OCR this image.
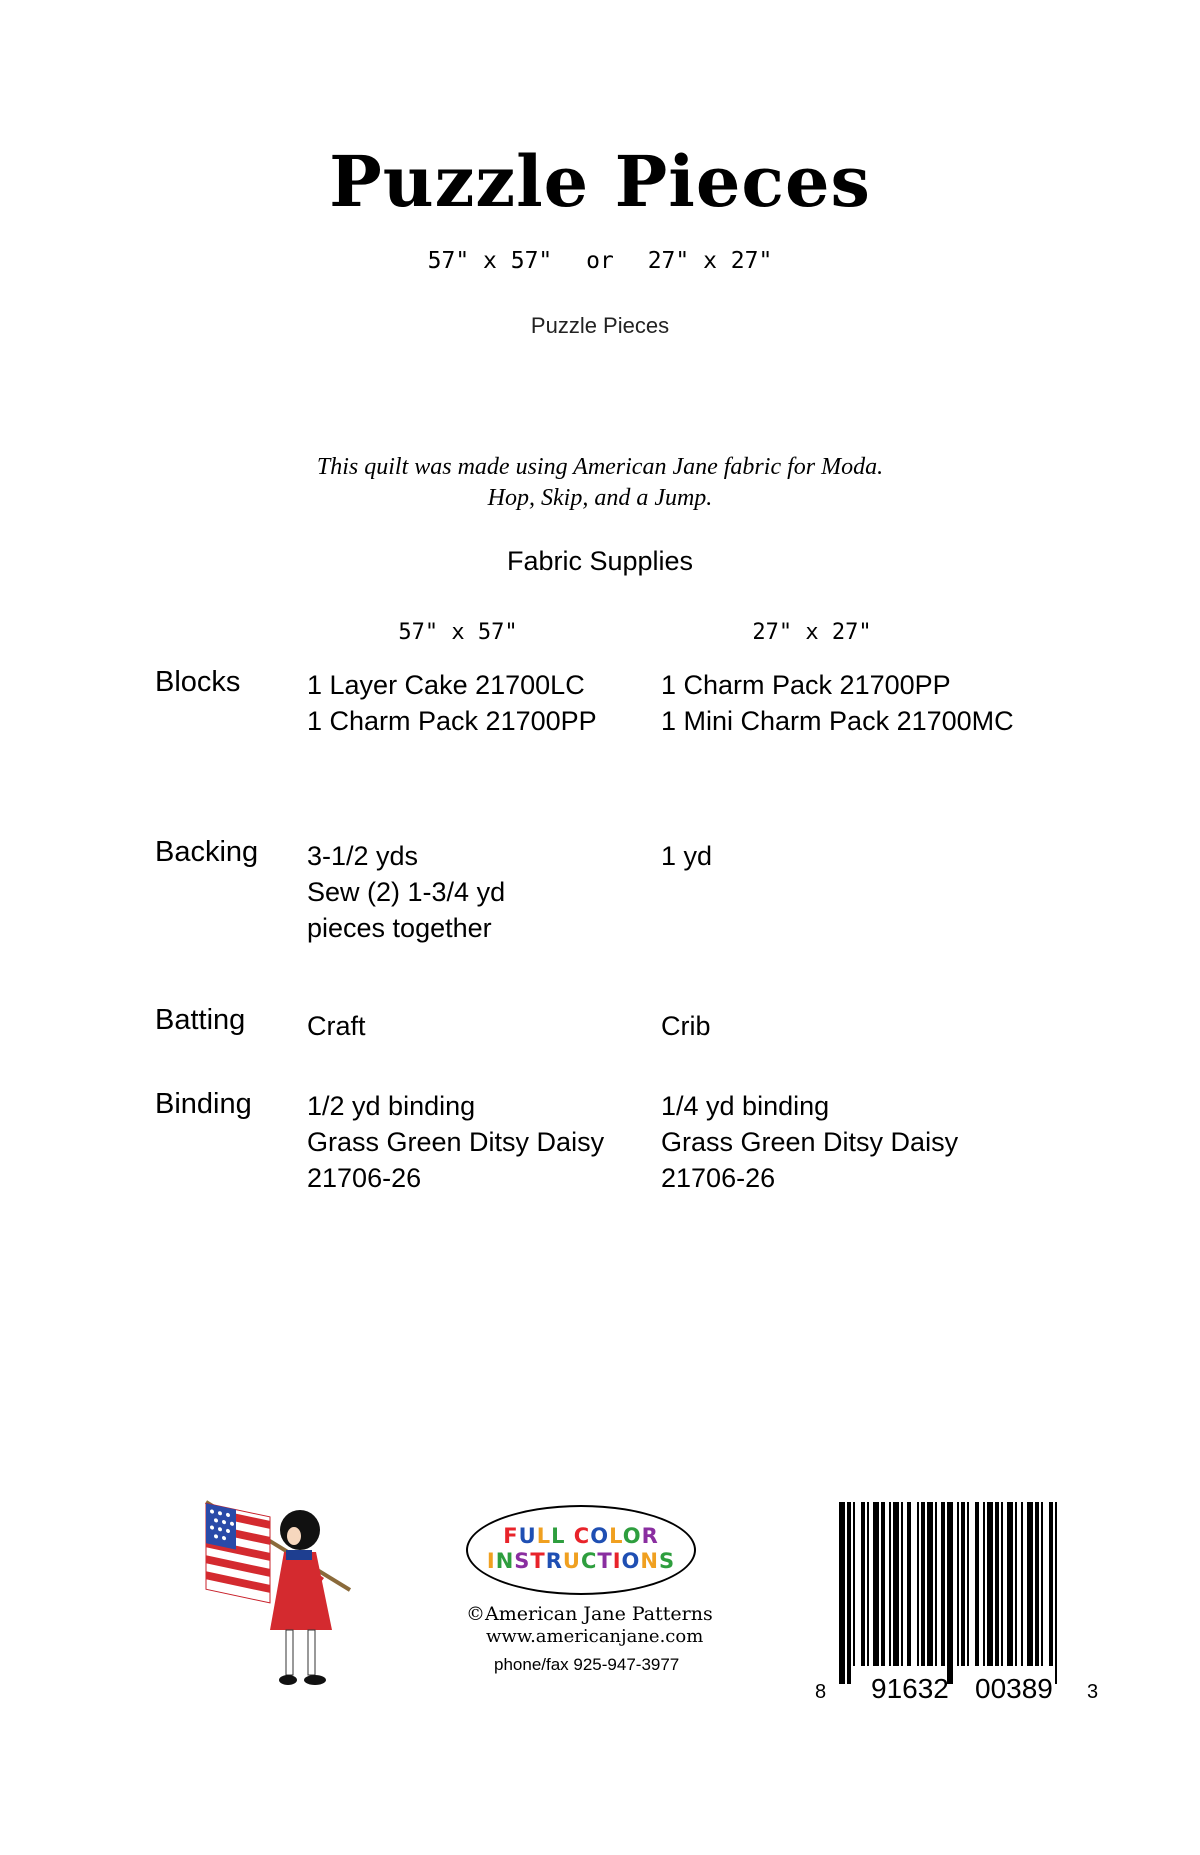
Puzzle Pieces
57" x 57" or 27" x 27"
Puzzle Pieces
This quilt was made using American Jane fabric for Moda.
Hop, Skip, and a Jump.
Fabric Supplies
57" x 57"	27" x 27"
Blocks 1 Layer Cake 21700LC
1 Charm Pack 21700PP
1 Charm Pack 21700PP
1 Mini Charm Pack 21700MC
Backing 3-1/2 yds
Sew (2) 1-3/4 yd
pieces together
1 yd
Batting Craft	Crib
Binding 1/2 yd binding
Grass Green Ditsy Daisy
21706-26
1/4 yd binding
Grass Green Ditsy Daisy
21706-26
FULL COLOR
INSTRUCTIONS
©American Jane Patterns
www.americanjane.com
phone/fax 925-947-3977
8 91632 00389 3
